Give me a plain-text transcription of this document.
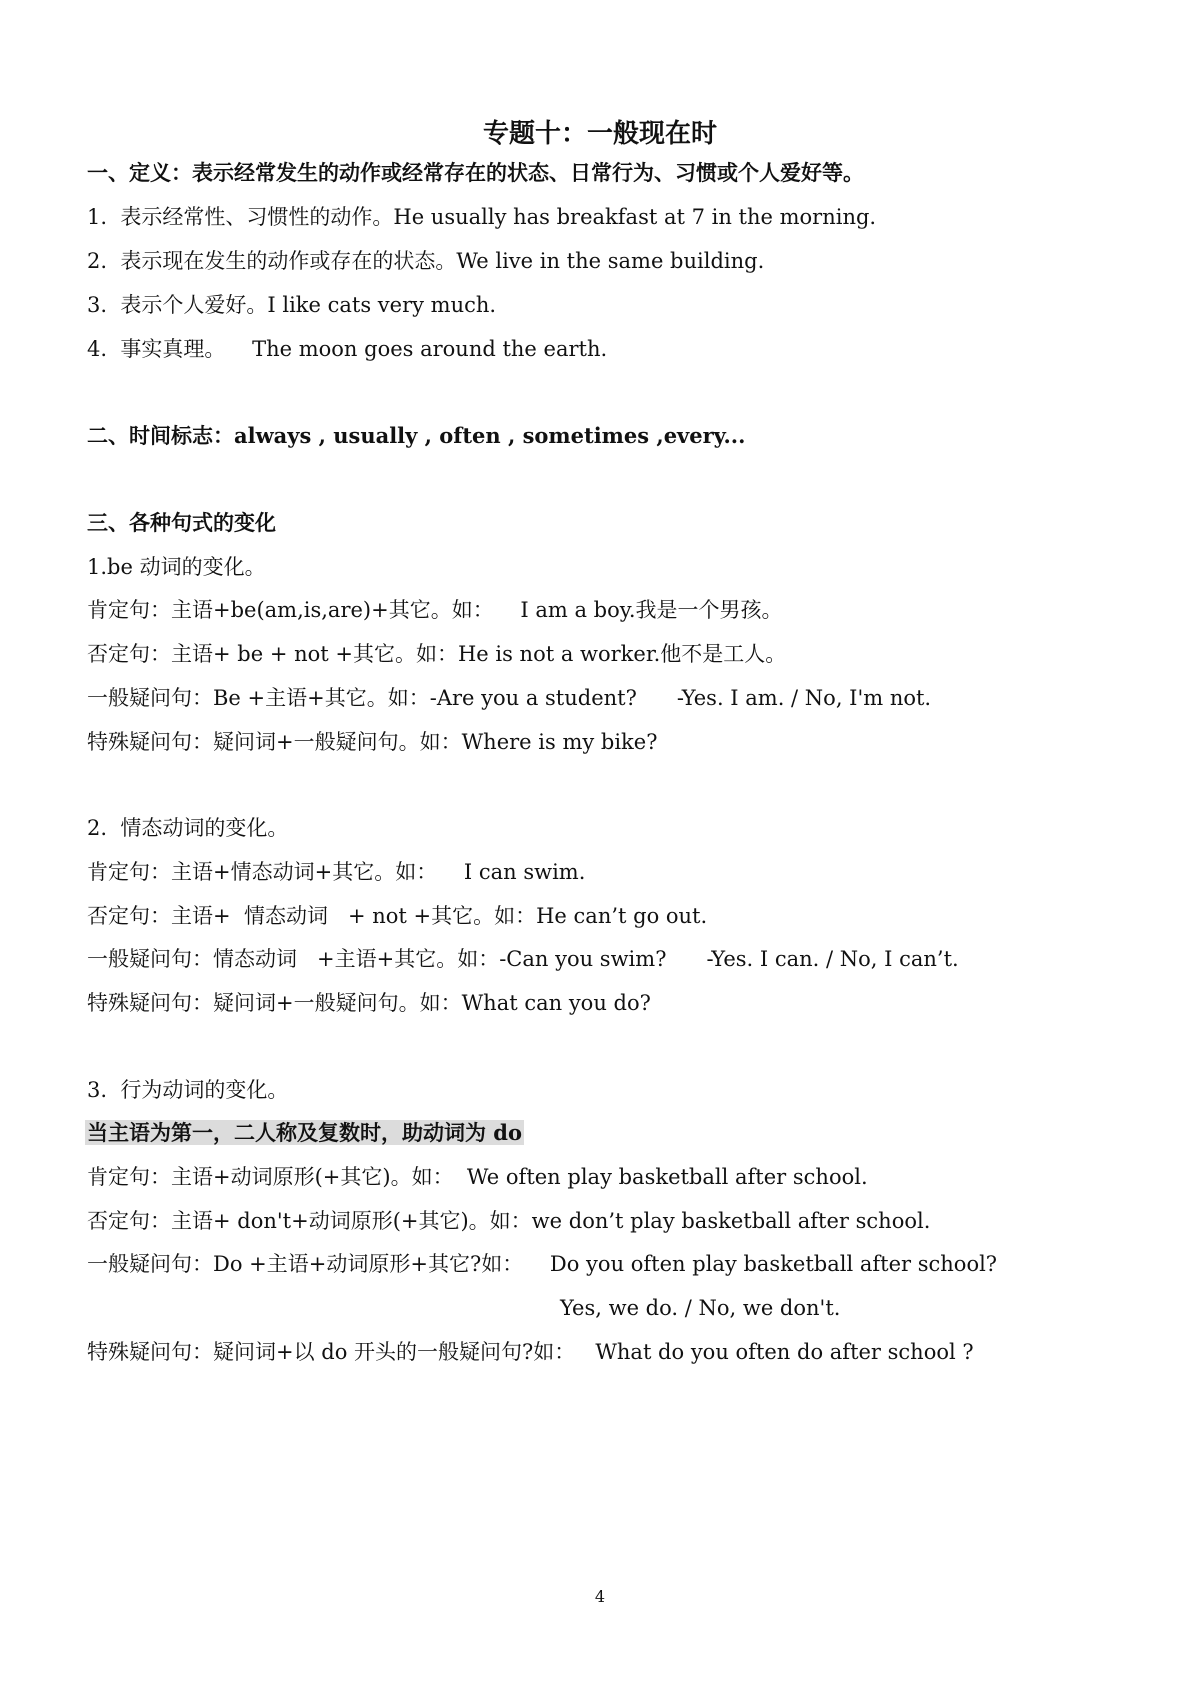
专题十：一般现在时
一、定义：表示经常发生的动作或经常存在的状态、日常行为、习惯或个人爱好等。
1.  表示经常性、习惯性的动作。He usually has breakfast at 7 in the morning.
2.  表示现在发生的动作或存在的状态。We live in the same building.
3.  表示个人爱好。I like cats very much.
4.  事实真理。    The moon goes around the earth.
二、时间标志：always , usually , often , sometimes ,every...
三、各种句式的变化
1.be 动词的变化。
肯定句：主语+be(am,is,are)+其它。如：    I am a boy.我是一个男孩。
否定句：主语+ be + not +其它。如：He is not a worker.他不是工人。
一般疑问句：Be +主语+其它。如：-Are you a student?      -Yes. I am. / No, I'm not.
特殊疑问句：疑问词+一般疑问句。如：Where is my bike?
2.  情态动词的变化。
肯定句：主语+情态动词+其它。如：    I can swim.
否定句：主语+  情态动词   + not +其它。如：He can’t go out.
一般疑问句：情态动词   +主语+其它。如：-Can you swim?      -Yes. I can. / No, I can’t.
特殊疑问句：疑问词+一般疑问句。如：What can you do?
3.  行为动词的变化。
当主语为第一，二人称及复数时，助动词为 do
肯定句：主语+动词原形(+其它)。如：  We often play basketball after school.
否定句：主语+ don't+动词原形(+其它)。如：we don’t play basketball after school.
一般疑问句：Do +主语+动词原形+其它?如：    Do you often play basketball after school?
Yes, we do. / No, we don't.
特殊疑问句：疑问词+以 do 开头的一般疑问句?如：   What do you often do after school ?
4
